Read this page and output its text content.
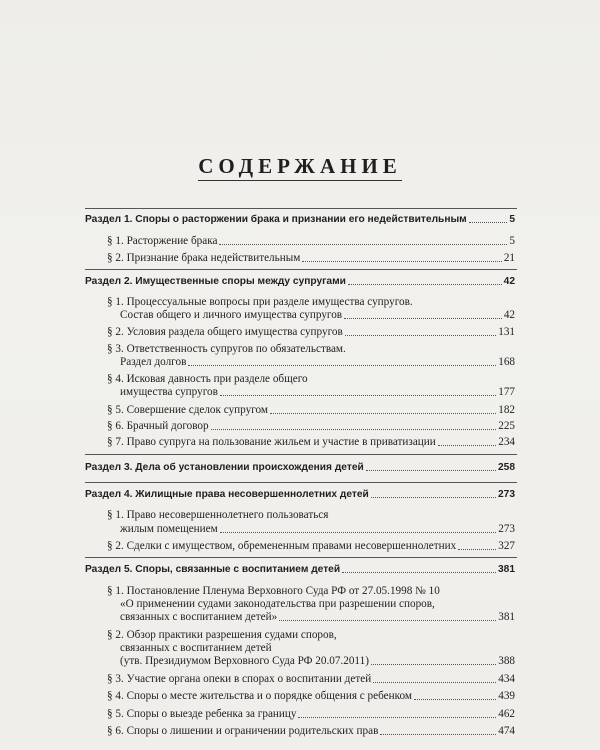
СОДЕРЖАНИЕ
Раздел 1. Споры о расторжении брака и признании его недействительным	5
§ 1. Расторжение брака	5
§ 2. Признание брака недействительным	21
Раздел 2. Имущественные споры между супругами	42
§ 1. Процессуальные вопросы при разделе имущества супругов.
Состав общего и личного имущества супругов	42
§ 2. Условия раздела общего имущества супругов	131
§ 3. Ответственность супругов по обязательствам.
Раздел долгов	168
§ 4. Исковая давность при разделе общего
имущества супругов	177
§ 5. Совершение сделок супругом	182
§ 6. Брачный договор	225
§ 7. Право супруга на пользование жильем и участие в приватизации	234
Раздел 3. Дела об установлении происхождения детей	258
Раздел 4. Жилищные права несовершеннолетних детей	273
§ 1. Право несовершеннолетнего пользоваться
жилым помещением	273
§ 2. Сделки с имуществом, обремененным правами несовершеннолетних	327
Раздел 5. Споры, связанные с воспитанием детей	381
§ 1. Постановление Пленума Верховного Суда РФ от 27.05.1998 № 10
«О применении судами законодательства при разрешении споров,
связанных с воспитанием детей»	381
§ 2. Обзор практики разрешения судами споров,
связанных с воспитанием детей
(утв. Президиумом Верховного Суда РФ 20.07.2011)	388
§ 3. Участие органа опеки в спорах о воспитании детей	434
§ 4. Споры о месте жительства и о порядке общения с ребенком	439
§ 5. Споры о выезде ребенка за границу	462
§ 6. Споры о лишении и ограничении родительских прав	474
